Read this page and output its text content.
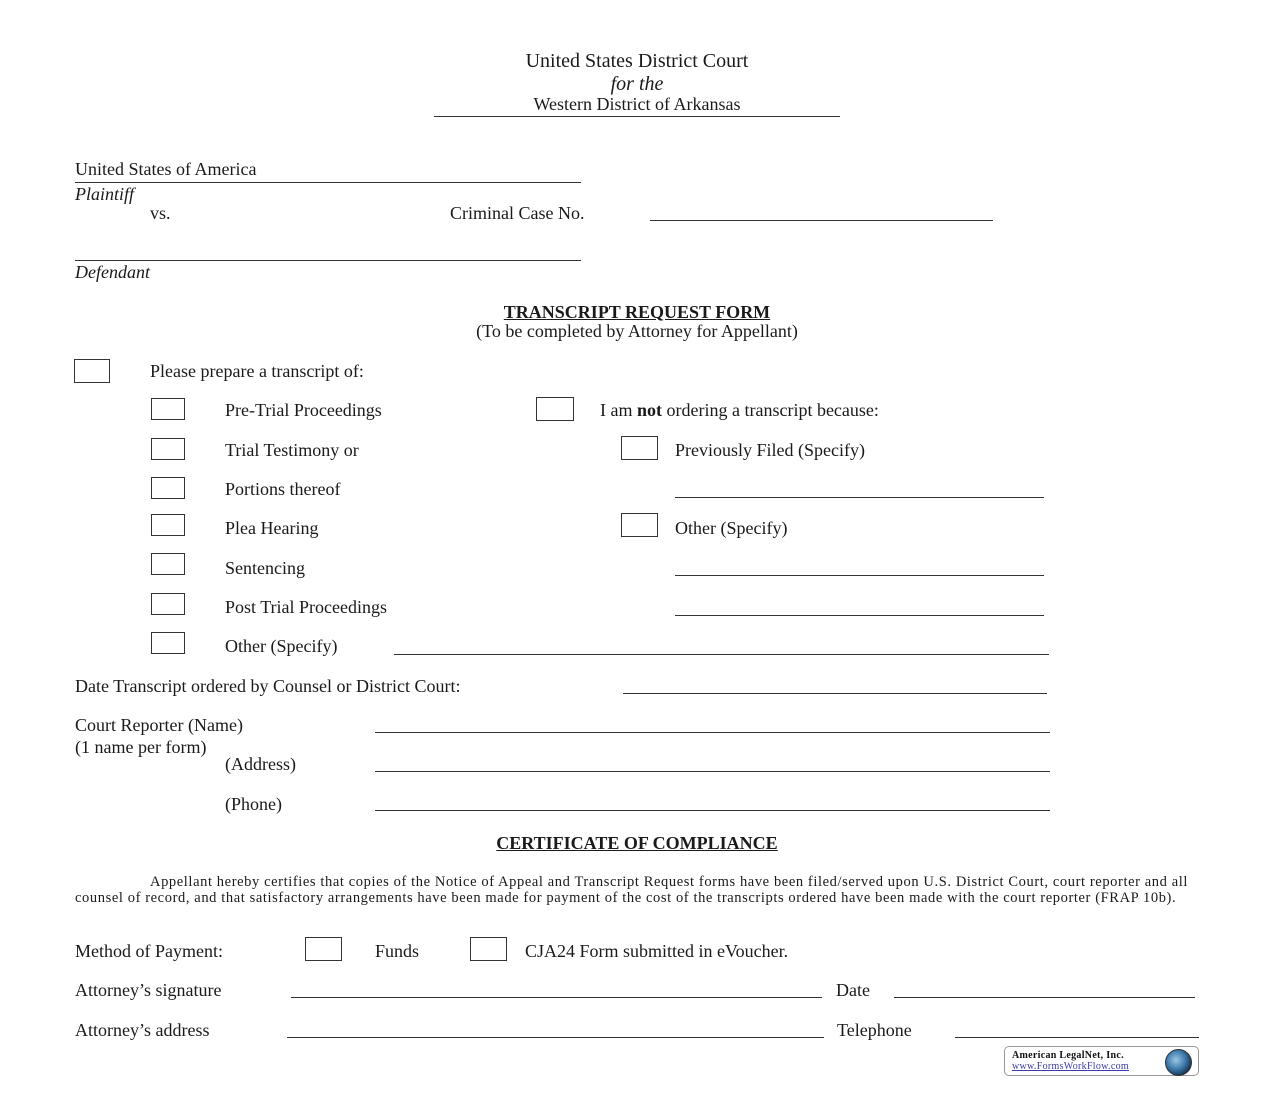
United States District Court
for the
Western District of Arkansas
United States of America
Plaintiff
vs.	Criminal Case No.
Defendant
TRANSCRIPT REQUEST FORM
(To be completed by Attorney for Appellant)
Please prepare a transcript of:
Pre-Trial Proceedings
Trial Testimony or
Portions thereof
Plea Hearing
Sentencing
Post Trial Proceedings
Other (Specify)
I am not ordering a transcript because:
Previously Filed (Specify)
Other (Specify)
Date Transcript ordered by Counsel or District Court:
Court Reporter (Name)
(1 name per form)
(Address)
(Phone)
CERTIFICATE OF COMPLIANCE
Appellant hereby certifies that copies of the Notice of Appeal and Transcript Request forms have been filed/served upon U.S. District Court, court reporter and all counsel of record, and that satisfactory arrangements have been made for payment of the cost of the transcripts ordered have been made with the court reporter (FRAP 10b).
Method of Payment:	Funds	CJA24 Form submitted in eVoucher.
Attorney’s signature	Date
Attorney’s address	Telephone
American LegalNet, Inc.
www.FormsWorkFlow.com
